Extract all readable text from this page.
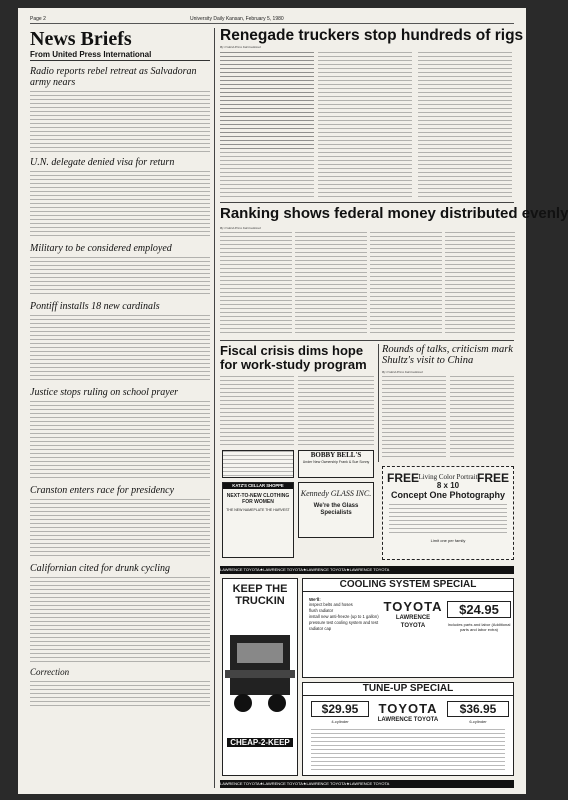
Page 2	University Daily Kansan, February 5, 1980
News Briefs
From United Press International
Radio reports rebel retreat as Salvadoran army nears
U.N. delegate denied visa for return
Military to be considered employed
Pontiff installs 18 new cardinals
Justice stops ruling on school prayer
Cranston enters race for presidency
Californian cited for drunk cycling
Correction
Renegade truckers stop hundreds of rigs
By United Press International
Ranking shows federal money distributed evenly
By United Press International
Fiscal crisis dims hope for work-study program
Rounds of talks, criticism mark Shultz's visit to China
By United Press International
BOBBY BELL'S
Under New Ownership Frank & Sue Sonny
KATZ'S CELLAR SHOPPE
NEXT-TO-NEW CLOTHING FOR WOMEN
THE NEW NAMEPLATE THE HARVEST
Kennedy GLASS INC.
We're the Glass Specialists
FREE	FREE
Living Color Portrait
8 x 10
Concept One Photography
Limit one per family
LAWRENCE TOYOTA★LAWRENCE TOYOTA★LAWRENCE TOYOTA★LAWRENCE TOYOTA
KEEP THE TRUCKIN
CHEAP-2-KEEP
COOLING SYSTEM SPECIAL
We'll:
inspect belts and hoses
flush radiator
install new anti-freeze (up to 1 gallon)
pressure test cooling system and test radiator cap
TOYOTA
LAWRENCE TOYOTA
$24.95
Includes parts and labor (Additional parts and labor extra)
TUNE-UP SPECIAL
$29.95
4-cylinder
TOYOTA
LAWRENCE TOYOTA
$36.95
6-cylinder
LAWRENCE TOYOTA★LAWRENCE TOYOTA★LAWRENCE TOYOTA★LAWRENCE TOYOTA
